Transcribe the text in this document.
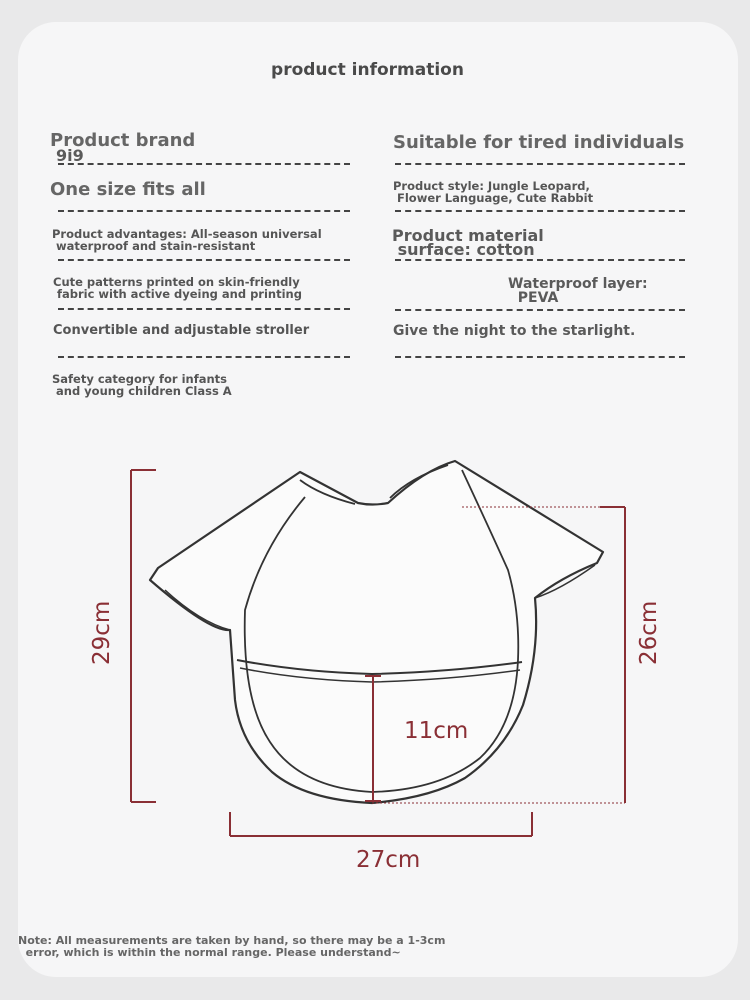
product information
Product brand
9i9
One size fits all
Product advantages: All-season universal
waterproof and stain-resistant
Cute patterns printed on skin-friendly
fabric with active dyeing and printing
Convertible and adjustable stroller
Safety category for infants
and young children Class A
Suitable for tired individuals
Product style: Jungle Leopard,
Flower Language, Cute Rabbit
Product material
surface: cotton
Waterproof layer:
PEVA
Give the night to the starlight.
29cm	26cm
11cm
27cm
Note: All measurements are taken by hand, so there may be a 1-3cm
error, which is within the normal range. Please understand~
